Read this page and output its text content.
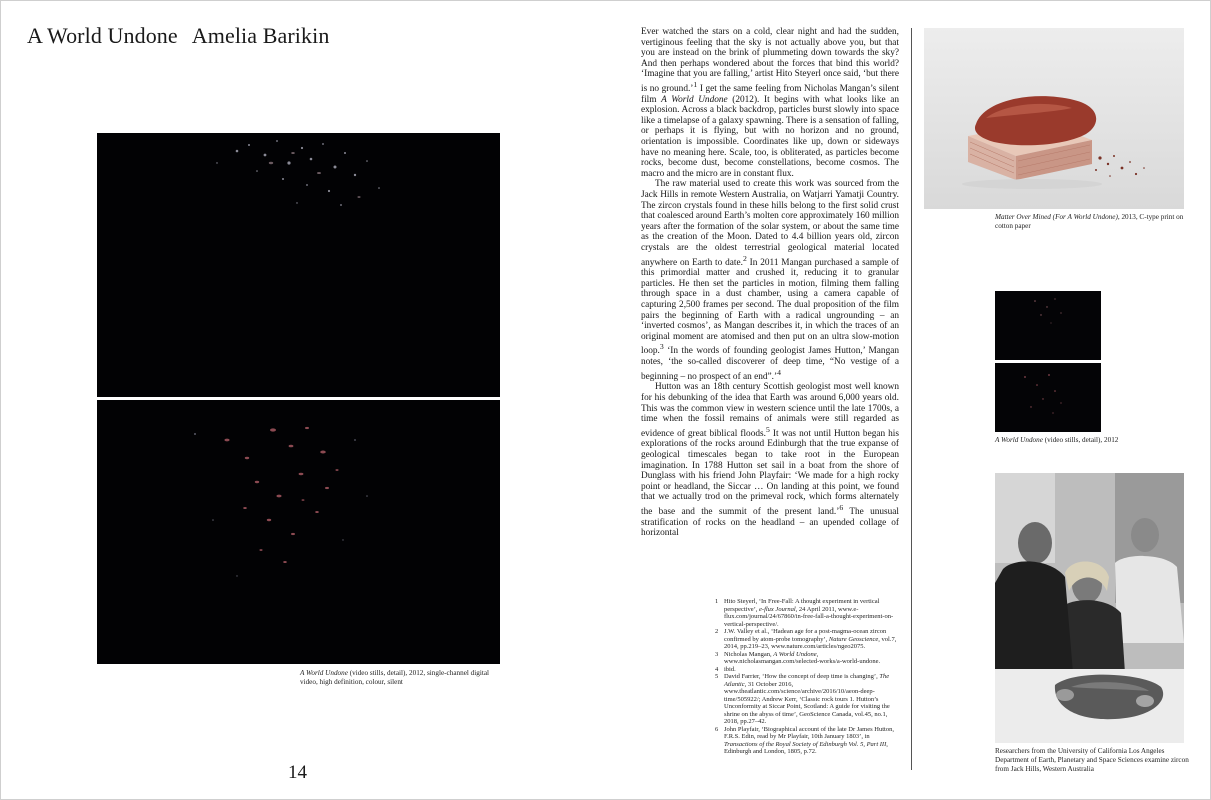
A World Undone Amelia Barikin
A World Undone (video stills, detail), 2012, single-channel digital video, high definition, colour, silent
14

Ever watched the stars on a cold, clear night and had the sudden, vertiginous feeling that the sky is not actually above you, but that you are instead on the brink of plummeting down towards the sky? And then perhaps wondered about the forces that bind this world? ‘Imagine that you are falling,’ artist Hito Steyerl once said, ‘but there is no ground.’$^1$ I get the same feeling from Nicholas Mangan’s silent film A World Undone (2012). It begins with what looks like an explosion. Across a black backdrop, particles burst slowly into space like a timelapse of a galaxy spawning. There is a sensation of falling, or perhaps it is flying, but with no horizon and no ground, orientation is impossible. Coordinates like up, down or sideways have no meaning here. Scale, too, is obliterated, as particles become rocks, become dust, become constellations, become cosmos. The macro and the micro are in constant flux.

The raw material used to create this work was sourced from the Jack Hills in remote Western Australia, on Watjarri Yamatji Country. The zircon crystals found in these hills belong to the first solid crust that coalesced around Earth’s molten core approximately 160 million years after the formation of the solar system, or about the same time as the creation of the Moon. Dated to 4.4 billion years old, zircon crystals are the oldest terrestrial geological material located anywhere on Earth to date.$^2$ In 2011 Mangan purchased a sample of this primordial matter and crushed it, reducing it to granular particles. He then set the particles in motion, filming them falling through space in a dust chamber, using a camera capable of capturing 2,500 frames per second. The dual proposition of the film pairs the beginning of Earth with a radical ungrounding – an ‘inverted cosmos’, as Mangan describes it, in which the traces of an original moment are atomised and then put on an ultra slow-motion loop.$^3$ ‘In the words of founding geologist James Hutton,’ Mangan notes, ‘the so-called discoverer of deep time, “No vestige of a beginning – no prospect of an end”.’$^4$

Hutton was an 18th century Scottish geologist most well known for his debunking of the idea that Earth was around 6,000 years old. This was the common view in western science until the late 1700s, a time when the fossil remains of animals were still regarded as evidence of great biblical floods.$^5$ It was not until Hutton began his explorations of the rocks around Edinburgh that the true expanse of geological timescales began to take root in the European imagination. In 1788 Hutton set sail in a boat from the shore of Dunglass with his friend John Playfair: ‘We made for a high rocky point or headland, the Siccar … On landing at this point, we found that we actually trod on the primeval rock, which forms alternately the base and the summit of the present land.’$^6$ The unusual stratification of rocks on the headland – an upended collage of horizontal

1 Hito Steyerl, ‘In Free-Fall: A thought experiment in vertical perspective’, e-flux Journal, 24 April 2011, www.e-flux.com/journal/24/67860/in-free-fall-a-thought-experiment-on-vertical-perspective/.
2 J.W. Valley et al., ‘Hadean age for a post-magma-ocean zircon confirmed by atom-probe tomography’, Nature Geoscience, vol.7, 2014, pp.219–23, www.nature.com/articles/ngeo2075.
3 Nicholas Mangan, A World Undone, www.nicholasmangan.com/selected-works/a-world-undone.
4 ibid.
5 David Farrier, ‘How the concept of deep time is changing’, The Atlantic, 31 October 2016, www.theatlantic.com/science/archive/2016/10/aeon-deep-time/505922/; Andrew Kerr, ‘Classic rock tours 1. Hutton’s Unconformity at Siccar Point, Scotland: A guide for visiting the shrine on the abyss of time’, GeoScience Canada, vol.45, no.1, 2018, pp.27–42.
6 John Playfair, ‘Biographical account of the late Dr James Hutton, F.R.S. Edin, read by Mr Playfair, 10th January 1803’, in Transactions of the Royal Society of Edinburgh Vol. 5, Part III, Edinburgh and London, 1805, p.72.
Matter Over Mined (For A World Undone), 2013, C-type print on cotton paper
A World Undone (video stills, detail), 2012
Researchers from the University of California Los Angeles Department of Earth, Planetary and Space Sciences examine zircon from Jack Hills, Western Australia
